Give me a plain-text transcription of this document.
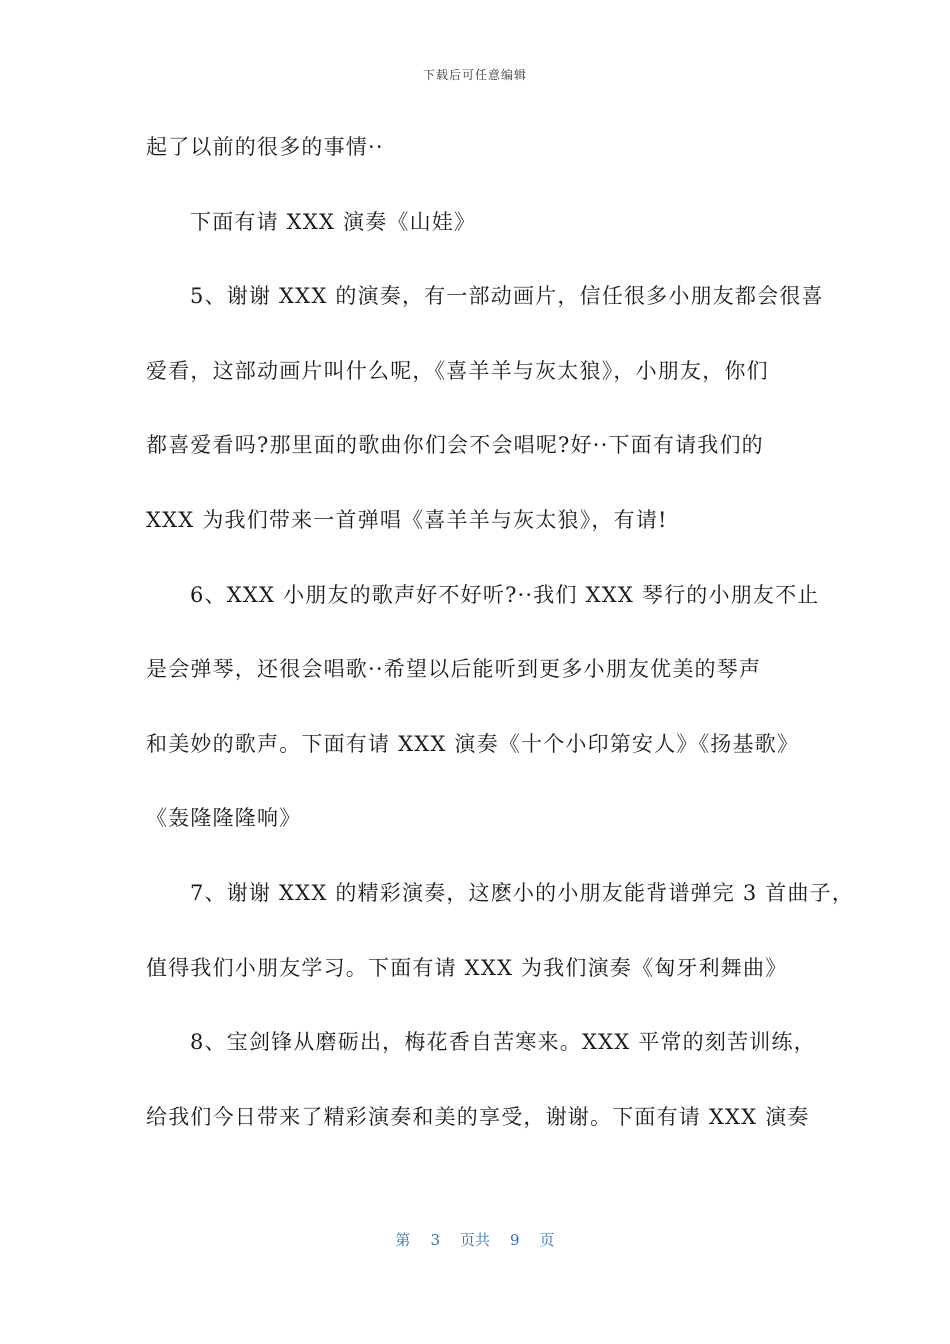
下载后可任意编辑
起了以前的很多的事情··
下面有请 XXX 演奏《山娃》
5、谢谢 XXX 的演奏，有一部动画片，信任很多小朋友都会很喜
爱看，这部动画片叫什么呢，《喜羊羊与灰太狼》，小朋友，你们
都喜爱看吗?那里面的歌曲你们会不会唱呢?好··下面有请我们的
XXX 为我们带来一首弹唱《喜羊羊与灰太狼》，有请!
6、XXX 小朋友的歌声好不好听?··我们 XXX 琴行的小朋友不止
是会弹琴，还很会唱歌··希望以后能听到更多小朋友优美的琴声
和美妙的歌声。下面有请 XXX 演奏《十个小印第安人》《扬基歌》
《轰隆隆隆响》
7、谢谢 XXX 的精彩演奏，这麽小的小朋友能背谱弹完 3 首曲子，
值得我们小朋友学习。下面有请 XXX 为我们演奏《匈牙利舞曲》
8、宝剑锋从磨砺出，梅花香自苦寒来。XXX 平常的刻苦训练，
给我们今日带来了精彩演奏和美的享受，谢谢。下面有请 XXX 演奏
第 3 页共 9 页
